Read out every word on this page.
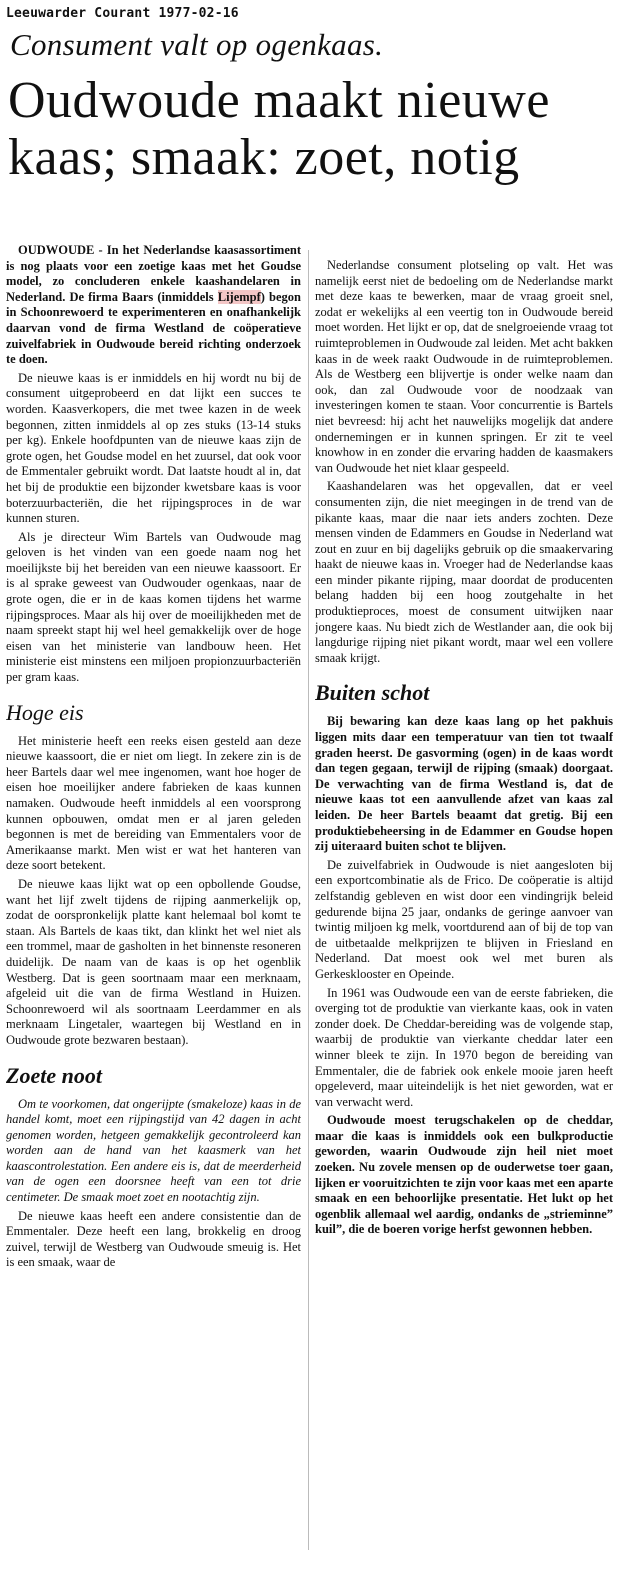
Leeuwarder Courant 1977-02-16
Consument valt op ogenkaas.
Oudwoude maakt nieuwe kaas; smaak: zoet, notig

OUDWOUDE - In het Nederlandse kaasassortiment is nog plaats voor een zoetige kaas met het Goudse model, zo concluderen enkele kaashandelaren in Nederland. De firma Baars (inmiddels Lijempf) begon in Schoonrewoerd te experimenteren en onafhankelijk daarvan vond de firma Westland de coöperatieve zuivelfabriek in Oudwoude bereid richting onderzoek te doen.

De nieuwe kaas is er inmiddels en hij wordt nu bij de consument uitgeprobeerd en dat lijkt een succes te worden. Kaasverkopers, die met twee kazen in de week begonnen, zitten inmiddels al op zes stuks (13-14 stuks per kg). Enkele hoofdpunten van de nieuwe kaas zijn de grote ogen, het Goudse model en het zuursel, dat ook voor de Emmentaler gebruikt wordt. Dat laatste houdt al in, dat het bij de produktie een bijzonder kwetsbare kaas is voor boterzuurbacteriën, die het rijpingsproces in de war kunnen sturen.

Als je directeur Wim Bartels van Oudwoude mag geloven is het vinden van een goede naam nog het moeilijkste bij het bereiden van een nieuwe kaassoort. Er is al sprake geweest van Oudwouder ogenkaas, naar de grote ogen, die er in de kaas komen tijdens het warme rijpingsproces. Maar als hij over de moeilijkheden met de naam spreekt stapt hij wel heel gemakkelijk over de hoge eisen van het ministerie van landbouw heen. Het ministerie eist minstens een miljoen propionzuurbacteriën per gram kaas.

Hoge eis

Het ministerie heeft een reeks eisen gesteld aan deze nieuwe kaassoort, die er niet om liegt. In zekere zin is de heer Bartels daar wel mee ingenomen, want hoe hoger de eisen hoe moeilijker andere fabrieken de kaas kunnen namaken. Oudwoude heeft inmiddels al een voorsprong kunnen opbouwen, omdat men er al jaren geleden begonnen is met de bereiding van Emmentalers voor de Amerikaanse markt. Men wist er wat het hanteren van deze soort betekent.

De nieuwe kaas lijkt wat op een opbollende Goudse, want het lijf zwelt tijdens de rijping aanmerkelijk op, zodat de oorspronkelijk platte kant helemaal bol komt te staan. Als Bartels de kaas tikt, dan klinkt het wel niet als een trommel, maar de gasholten in het binnenste resoneren duidelijk. De naam van de kaas is op het ogenblik Westberg. Dat is geen soortnaam maar een merknaam, afgeleid uit die van de firma Westland in Huizen. Schoonrewoerd wil als soortnaam Leerdammer en als merknaam Lingetaler, waartegen bij Westland en in Oudwoude grote bezwaren bestaan).

Zoete noot

Om te voorkomen, dat ongerijpte (smakeloze) kaas in de handel komt, moet een rijpingstijd van 42 dagen in acht genomen worden, hetgeen gemakkelijk gecontroleerd kan worden aan de hand van het kaasmerk van het kaascontrolestation. Een andere eis is, dat de meerderheid van de ogen een doorsnee heeft van een tot drie centimeter. De smaak moet zoet en nootachtig zijn.

De nieuwe kaas heeft een andere consistentie dan de Emmentaler. Deze heeft een lang, brokkelig en droog zuivel, terwijl de Westberg van Oudwoude smeuig is. Het is een smaak, waar de

Nederlandse consument plotseling op valt. Het was namelijk eerst niet de bedoeling om de Nederlandse markt met deze kaas te bewerken, maar de vraag groeit snel, zodat er wekelijks al een veertig ton in Oudwoude bereid moet worden. Het lijkt er op, dat de snelgroeiende vraag tot ruimteproblemen in Oudwoude zal leiden. Met acht bakken kaas in de week raakt Oudwoude in de ruimteproblemen. Als de Westberg een blijvertje is onder welke naam dan ook, dan zal Oudwoude voor de noodzaak van investeringen komen te staan. Voor concurrentie is Bartels niet bevreesd: hij acht het nauwelijks mogelijk dat andere ondernemingen er in kunnen springen. Er zit te veel knowhow in en zonder die ervaring hadden de kaasmakers van Oudwoude het niet klaar gespeeld.

Kaashandelaren was het opgevallen, dat er veel consumenten zijn, die niet meegingen in de trend van de pikante kaas, maar die naar iets anders zochten. Deze mensen vinden de Edammers en Goudse in Nederland wat zout en zuur en bij dagelijks gebruik op die smaakervaring haakt de nieuwe kaas in. Vroeger had de Nederlandse kaas een minder pikante rijping, maar doordat de producenten belang hadden bij een hoog zoutgehalte in het produktieproces, moest de consument uitwijken naar jongere kaas. Nu biedt zich de Westlander aan, die ook bij langdurige rijping niet pikant wordt, maar wel een vollere smaak krijgt.

Buiten schot

Bij bewaring kan deze kaas lang op het pakhuis liggen mits daar een temperatuur van tien tot twaalf graden heerst. De gasvorming (ogen) in de kaas wordt dan tegen gegaan, terwijl de rijping (smaak) doorgaat. De verwachting van de firma Westland is, dat de nieuwe kaas tot een aanvullende afzet van kaas zal leiden. De heer Bartels beaamt dat gretig. Bij een produktiebeheersing in de Edammer en Goudse hopen zij uiteraard buiten schot te blijven.

De zuivelfabriek in Oudwoude is niet aangesloten bij een exportcombinatie als de Frico. De coöperatie is altijd zelfstandig gebleven en wist door een vindingrijk beleid gedurende bijna 25 jaar, ondanks de geringe aanvoer van twintig miljoen kg melk, voortdurend aan of bij de top van de uitbetaalde melkprijzen te blijven in Friesland en Nederland. Dat moest ook wel met buren als Gerkesklooster en Opeinde.

In 1961 was Oudwoude een van de eerste fabrieken, die overging tot de produktie van vierkante kaas, ook in vaten zonder doek. De Cheddar-bereiding was de volgende stap, waarbij de produktie van vierkante cheddar later een winner bleek te zijn. In 1970 begon de bereiding van Emmentaler, die de fabriek ook enkele mooie jaren heeft opgeleverd, maar uiteindelijk is het niet geworden, wat er van verwacht werd.

Oudwoude moest terugschakelen op de cheddar, maar die kaas is inmiddels ook een bulkproductie geworden, waarin Oudwoude zijn heil niet moet zoeken. Nu zovele mensen op de ouderwetse toer gaan, lijken er vooruitzichten te zijn voor kaas met een aparte smaak en een behoorlijke presentatie. Het lukt op het ogenblik allemaal wel aardig, ondanks de „strieminne” kuil”, die de boeren vorige herfst gewonnen hebben.
